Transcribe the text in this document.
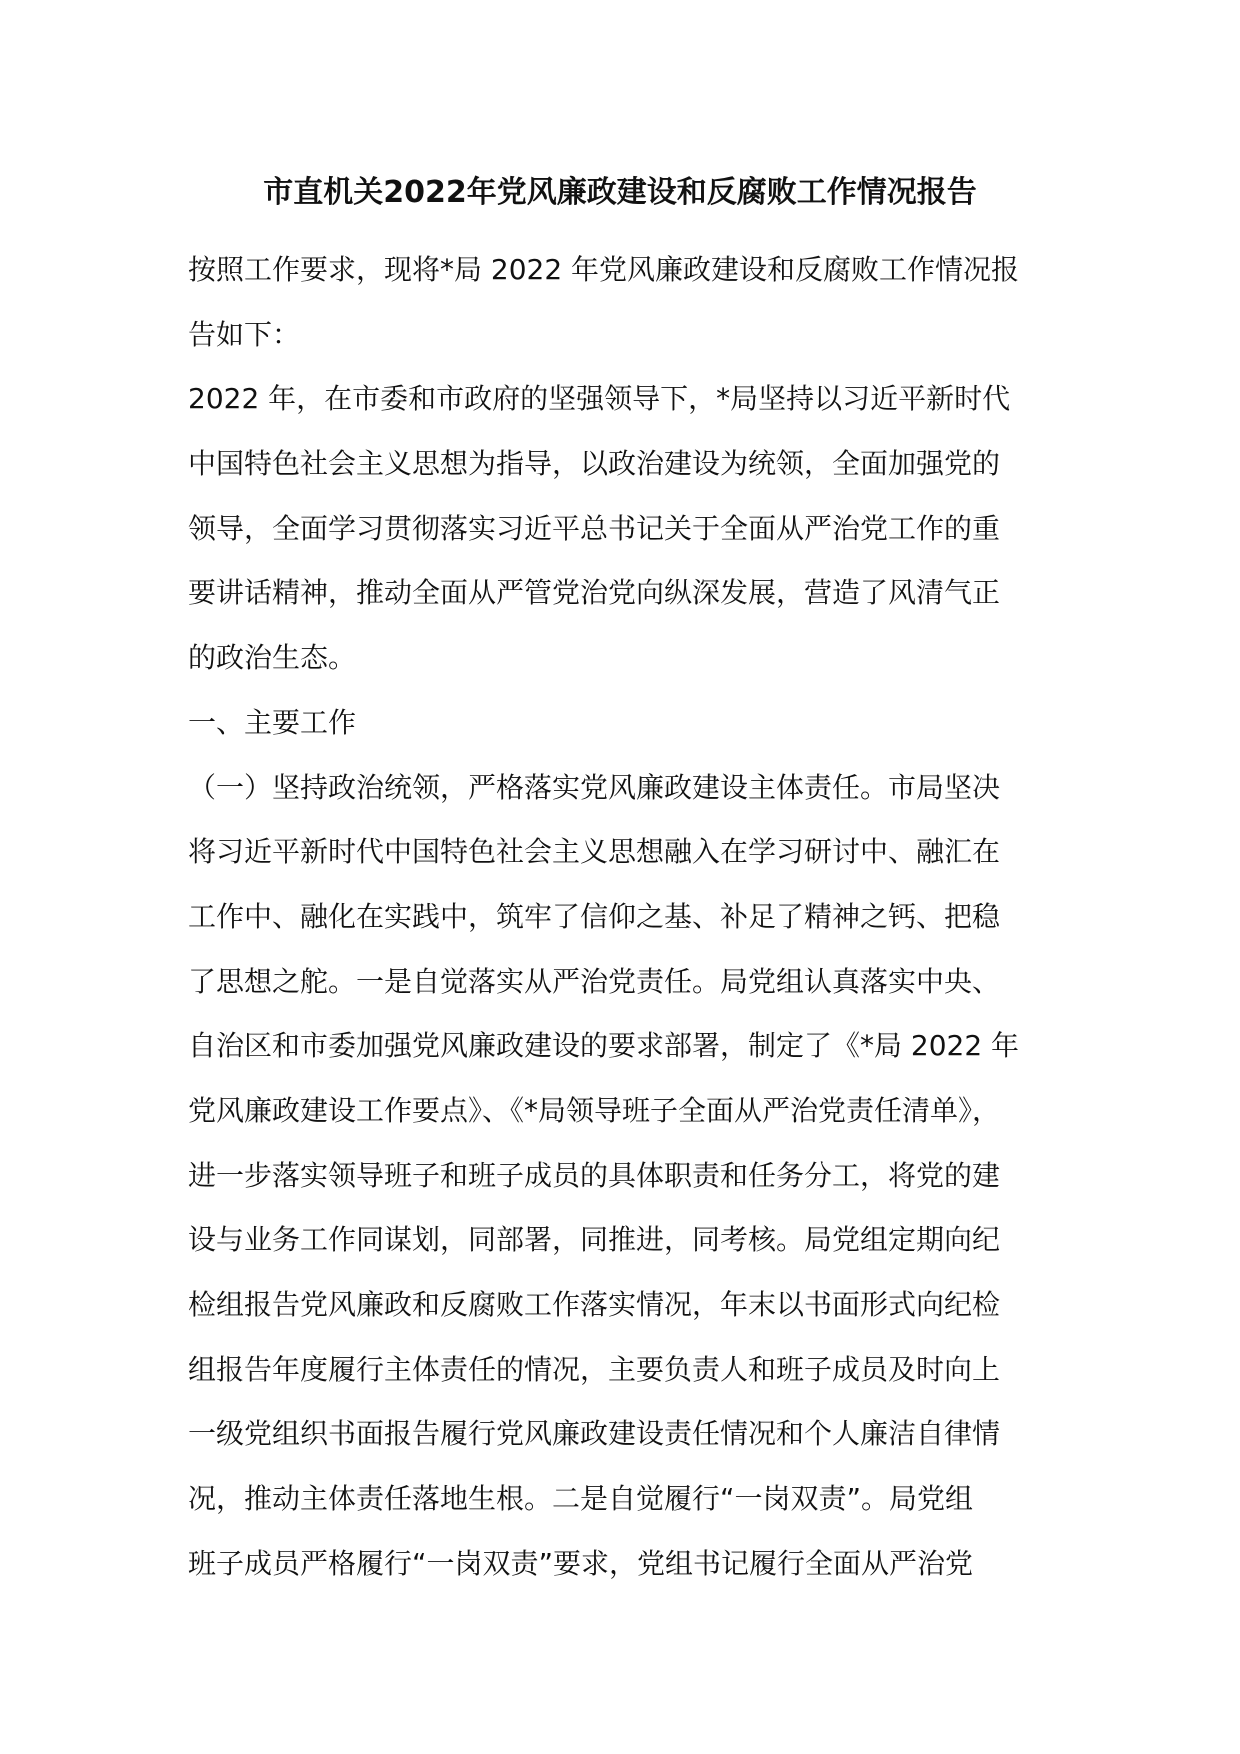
市直机关2022年党风廉政建设和反腐败工作情况报告
按照工作要求，现将*局 2022 年党风廉政建设和反腐败工作情况报
告如下：
2022 年，在市委和市政府的坚强领导下，*局坚持以习近平新时代
中国特色社会主义思想为指导，以政治建设为统领，全面加强党的
领导，全面学习贯彻落实习近平总书记关于全面从严治党工作的重
要讲话精神，推动全面从严管党治党向纵深发展，营造了风清气正
的政治生态。
一、主要工作
（一）坚持政治统领，严格落实党风廉政建设主体责任。市局坚决
将习近平新时代中国特色社会主义思想融入在学习研讨中、融汇在
工作中、融化在实践中，筑牢了信仰之基、补足了精神之钙、把稳
了思想之舵。一是自觉落实从严治党责任。局党组认真落实中央、
自治区和市委加强党风廉政建设的要求部署，制定了《*局 2022 年
党风廉政建设工作要点》、《*局领导班子全面从严治党责任清单》，
进一步落实领导班子和班子成员的具体职责和任务分工，将党的建
设与业务工作同谋划，同部署，同推进，同考核。局党组定期向纪
检组报告党风廉政和反腐败工作落实情况，年末以书面形式向纪检
组报告年度履行主体责任的情况，主要负责人和班子成员及时向上
一级党组织书面报告履行党风廉政建设责任情况和个人廉洁自律情
况，推动主体责任落地生根。二是自觉履行“一岗双责”。局党组
班子成员严格履行“一岗双责”要求，党组书记履行全面从严治党
